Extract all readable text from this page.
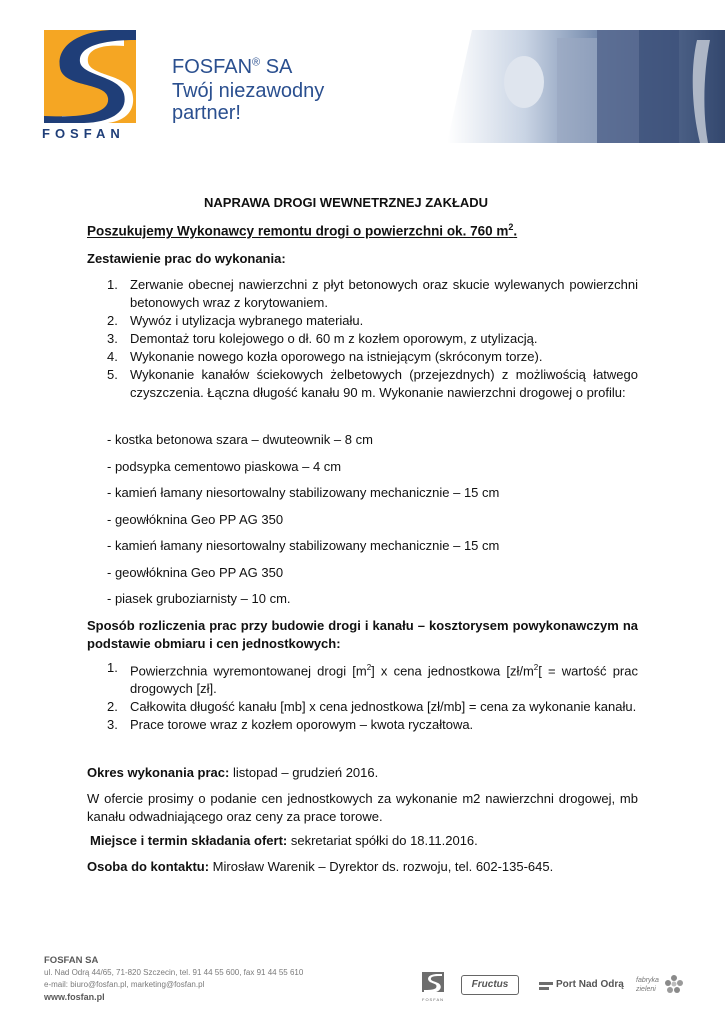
FOSFAN
FOSFAN® SA
Twój niezawodny
partner!
NAPRAWA DROGI WEWNETRZNEJ ZAKŁADU
Poszukujemy Wykonawcy remontu drogi o powierzchni ok. 760 $m^2$.
Zestawienie prac do wykonania:
1. Zerwanie obecnej nawierzchni z płyt betonowych oraz skucie wylewanych powierzchni betonowych wraz z korytowaniem.
2. Wywóz i utylizacja wybranego materiału.
3. Demontaż toru kolejowego o dł. 60 m z kozłem oporowym, z utylizacją.
4. Wykonanie nowego kozła oporowego na istniejącym (skróconym torze).
5. Wykonanie kanałów ściekowych żelbetowych (przejezdnych) z możliwością łatwego czyszczenia. Łączna długość kanału 90 m. Wykonanie nawierzchni drogowej o profilu:
- kostka betonowa szara – dwuteownik – 8 cm
- podsypka cementowo piaskowa – 4 cm
- kamień łamany niesortowalny stabilizowany mechanicznie – 15 cm
- geowłóknina Geo PP AG 350
- kamień łamany niesortowalny stabilizowany mechanicznie – 15 cm
- geowłóknina Geo PP AG 350
- piasek gruboziarnisty – 10 cm.
Sposób rozliczenia prac przy budowie drogi i kanału – kosztorysem powykonawczym na podstawie obmiaru i cen jednostkowych:
1. Powierzchnia wyremontowanej drogi $[m^2]$ x cena jednostkowa [$zł/m^2$[ = wartość prac drogowych [zł].
2. Całkowita długość kanału [mb] x cena jednostkowa [zł/mb] = cena za wykonanie kanału.
3. Prace torowe wraz z kozłem oporowym – kwota ryczałtowa.
Okres wykonania prac: listopad – grudzień 2016.
W ofercie prosimy o podanie cen jednostkowych za wykonanie m2 nawierzchni drogowej, mb kanału odwadniającego oraz ceny za prace torowe.
Miejsce i termin składania ofert: sekretariat spółki do 18.11.2016.
Osoba do kontaktu: Mirosław Warenik – Dyrektor ds. rozwoju, tel. 602-135-645.
FOSFAN SA
ul. Nad Odrą 44/65, 71-820 Szczecin, tel. 91 44 55 600, fax 91 44 55 610
e-mail: biuro@fosfan.pl, marketing@fosfan.pl
www.fosfan.pl	FOSFAN
Fructus	Port Nad Odrą fabryka
zieleni
